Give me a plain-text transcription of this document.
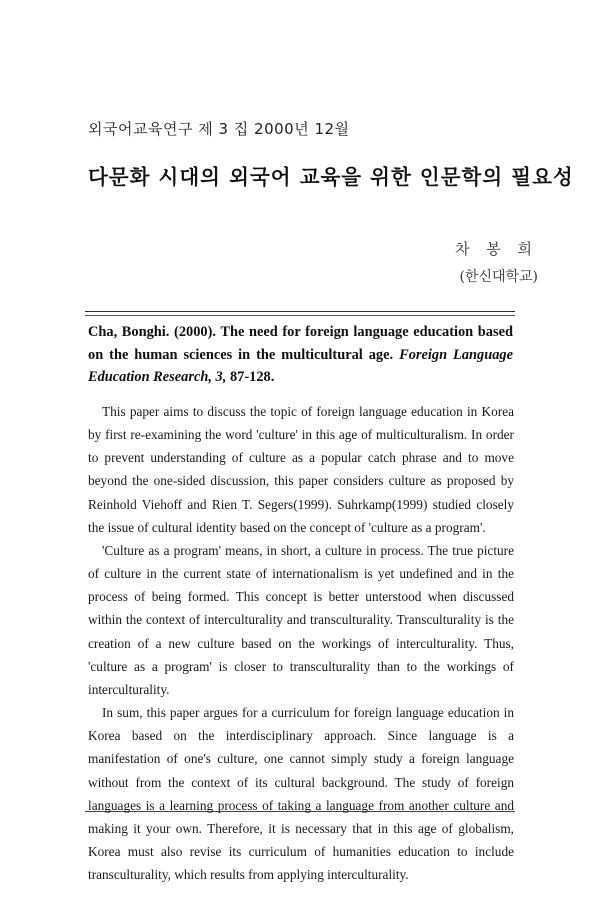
외국어교육연구 제 3 집 2000년 12월
다문화 시대의 외국어 교육을 위한 인문학의 필요성
차 봉 희
(한신대학교)
Cha, Bonghi. (2000). The need for foreign language education based on the human sciences in the multicultural age. Foreign Language Education Research, 3, 87-128.

This paper aims to discuss the topic of foreign language education in Korea by first re-examining the word 'culture' in this age of multiculturalism. In order to prevent understanding of culture as a popular catch phrase and to move beyond the one-sided discussion, this paper considers culture as proposed by Reinhold Viehoff and Rien T. Segers(1999). Suhrkamp(1999) studied closely the issue of cultural identity based on the concept of 'culture as a program'.

'Culture as a program' means, in short, a culture in process. The true picture of culture in the current state of internationalism is yet undefined and in the process of being formed. This concept is better unterstood when discussed within the context of interculturality and transculturality. Transculturality is the creation of a new culture based on the workings of interculturality. Thus, 'culture as a program' is closer to transculturality than to the workings of interculturality.

In sum, this paper argues for a curriculum for foreign language education in Korea based on the interdisciplinary approach. Since language is a manifestation of one's culture, one cannot simply study a foreign language without from the context of its cultural background. The study of foreign languages is a learning process of taking a language from another culture and making it your own. Therefore, it is necessary that in this age of globalism, Korea must also revise its curriculum of humanities education to include transculturality, which results from applying interculturality.
